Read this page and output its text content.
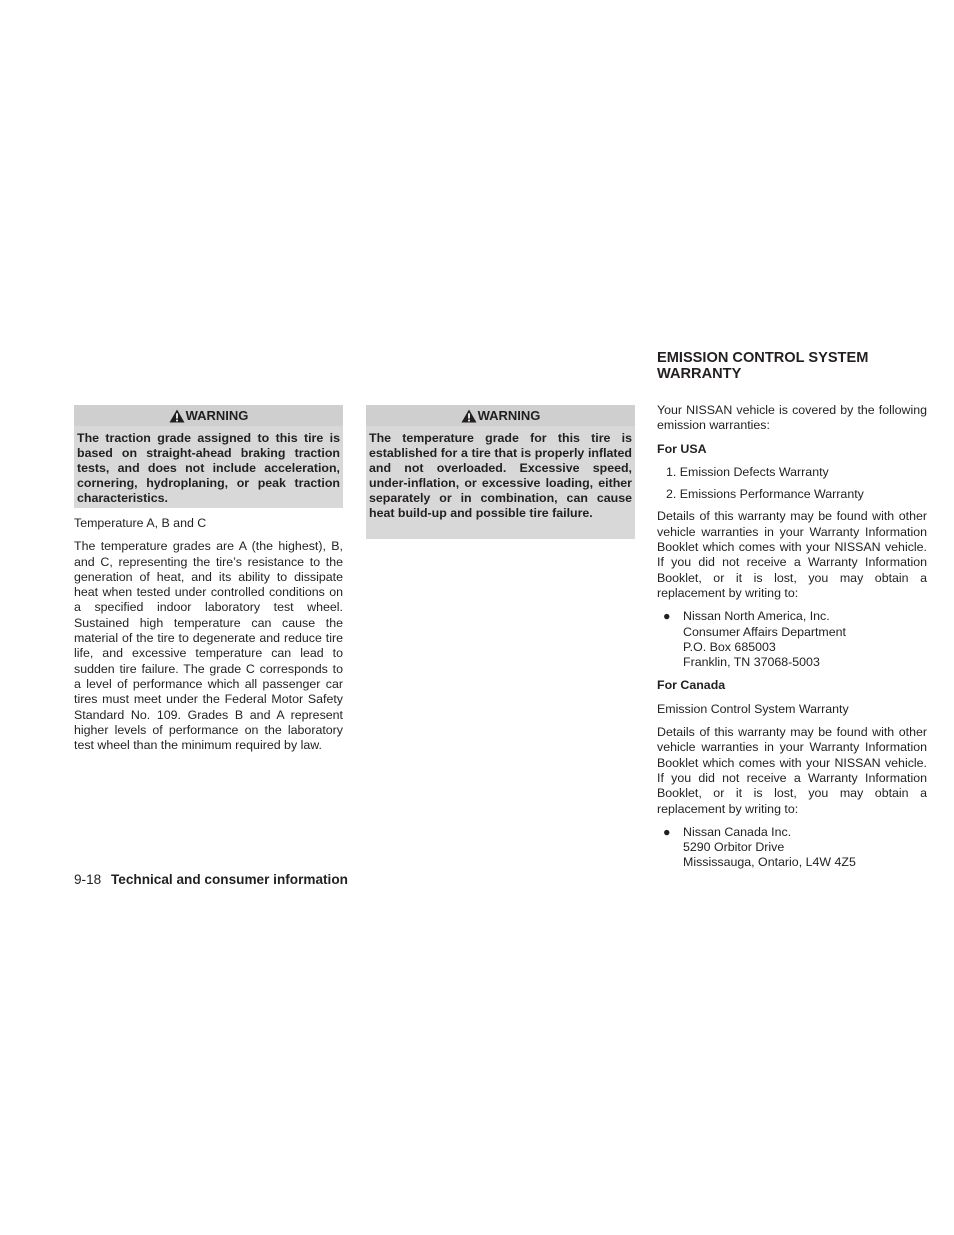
WARNING
The traction grade assigned to this tire is based on straight-ahead braking traction tests, and does not include acceleration, cornering, hydroplaning, or peak traction characteristics.

Temperature A, B and C

The temperature grades are A (the highest), B, and C, representing the tire’s resistance to the generation of heat, and its ability to dissipate heat when tested under controlled conditions on a specified indoor laboratory test wheel. Sustained high temperature can cause the material of the tire to degenerate and reduce tire life, and excessive temperature can lead to sudden tire failure. The grade C corresponds to a level of performance which all passenger car tires must meet under the Federal Motor Safety Standard No. 109. Grades B and A represent higher levels of performance on the laboratory test wheel than the minimum required by law.

WARNING
The temperature grade for this tire is established for a tire that is properly inflated and not overloaded. Excessive speed, under-inflation, or excessive loading, either separately or in combination, can cause heat build-up and possible tire failure.
EMISSION CONTROL SYSTEM WARRANTY

Your NISSAN vehicle is covered by the following emission warranties:

For USA
1. Emission Defects Warranty
2. Emissions Performance Warranty

Details of this warranty may be found with other vehicle warranties in your Warranty Information Booklet which comes with your NISSAN vehicle. If you did not receive a Warranty Information Booklet, or it is lost, you may obtain a replacement by writing to:

●	Nissan North America, Inc.
Consumer Affairs Department
P.O. Box 685003
Franklin, TN 37068-5003
For Canada

Emission Control System Warranty

Details of this warranty may be found with other vehicle warranties in your Warranty Information Booklet which comes with your NISSAN vehicle. If you did not receive a Warranty Information Booklet, or it is lost, you may obtain a replacement by writing to:

●	Nissan Canada Inc.
5290 Orbitor Drive
Mississauga, Ontario, L4W 4Z5
9-18 Technical and consumer information
